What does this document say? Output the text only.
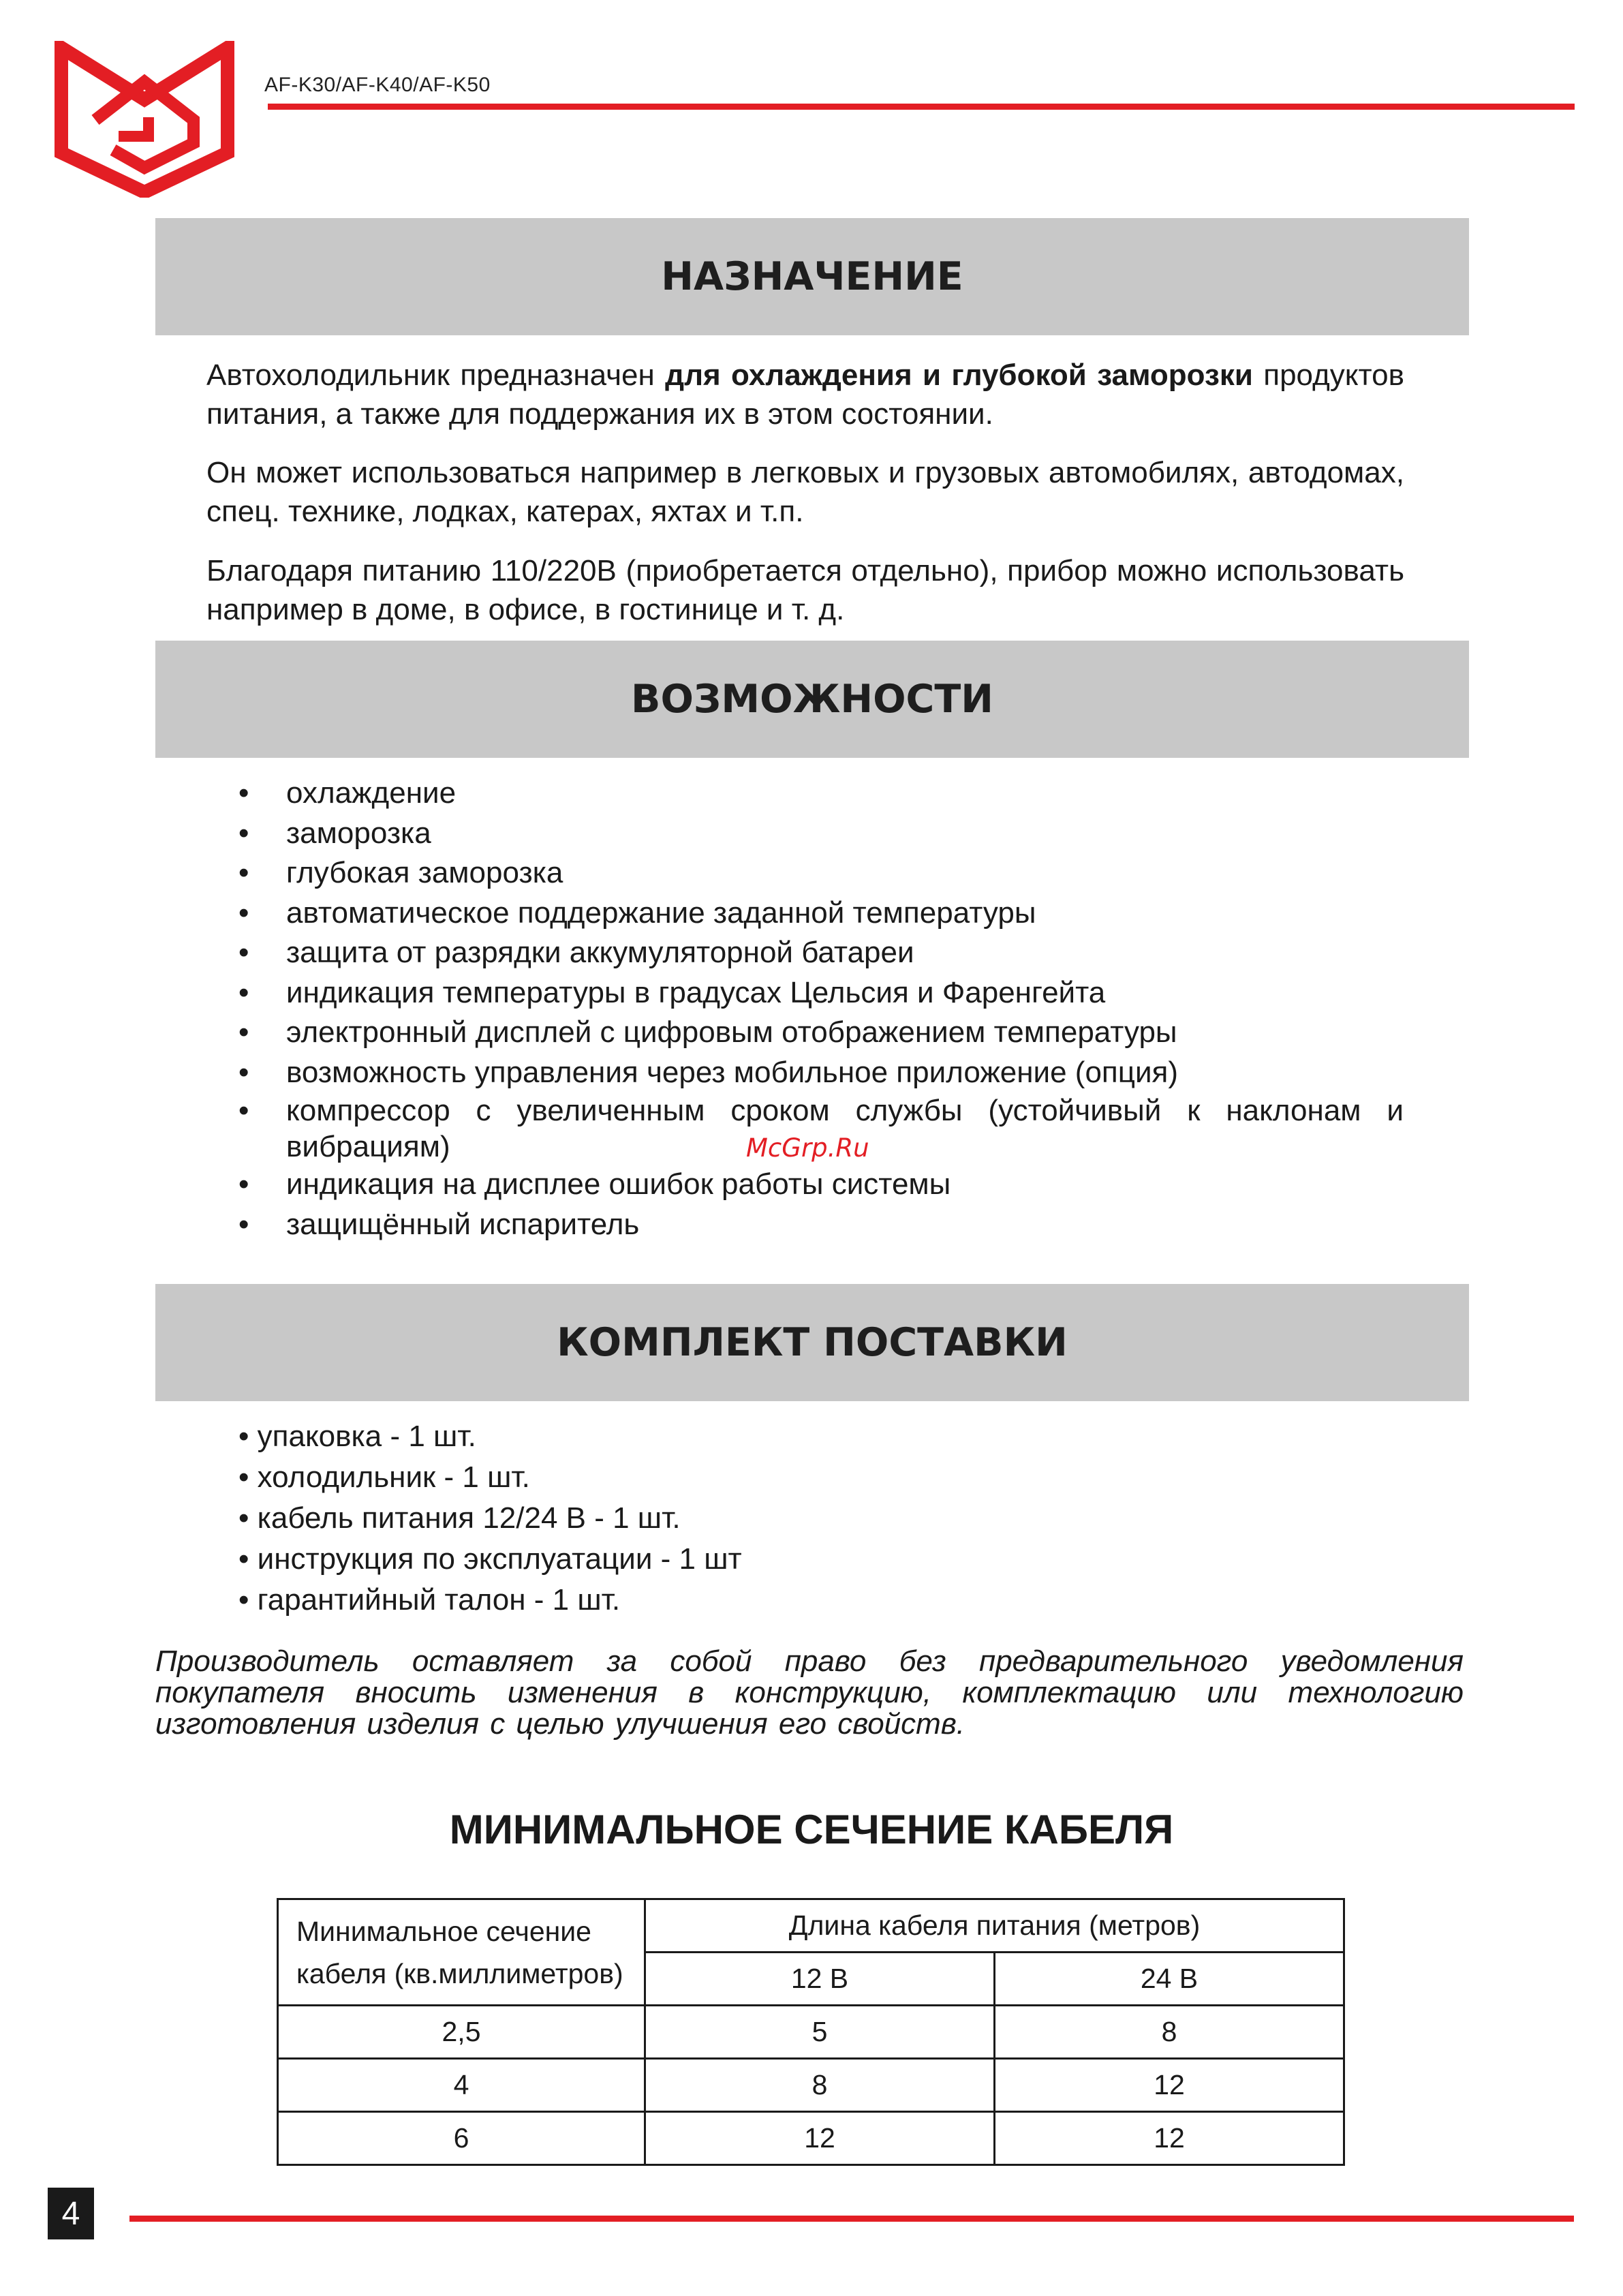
AF-K30/AF-K40/AF-K50
НАЗНАЧЕНИЕ
Автохолодильник предназначен для охлаждения и глубокой заморозки продуктов питания, а также для поддержания их в этом состоянии.
Он может использоваться например в легковых и грузовых автомобилях, автодомах, спец. технике, лодках, катерах, яхтах и т.п.
Благодаря питанию 110/220В (приобретается отдельно), прибор можно использовать например в доме, в офисе, в гостинице и т. д.
ВОЗМОЖНОСТИ
• охлаждение
• заморозка
• глубокая заморозка
• автоматическое поддержание заданной температуры
• защита от разрядки аккумуляторной батареи
• индикация температуры в градусах Цельсия и Фаренгейта
• электронный дисплей с цифровым отображением температуры
• возможность управления через мобильное приложение (опция)
• компрессор с увеличенным сроком службы (устойчивый к наклонам и вибрациям)
• индикация на дисплее ошибок работы системы
• защищённый испаритель
McGrp.Ru
КОМПЛЕКТ ПОСТАВКИ
• упаковка - 1 шт.
• холодильник - 1 шт.
• кабель питания 12/24 В - 1 шт.
• инструкция по эксплуатации - 1 шт
• гарантийный талон - 1 шт.
Производитель оставляет за собой право без предварительного уведомления покупателя вносить изменения в конструкцию, комплектацию или технологию изготовления изделия с целью улучшения его свойств.
МИНИМАЛЬНОЕ СЕЧЕНИЕ КАБЕЛЯ
Минимальное сечение
кабеля (кв.миллиметров)	Длина кабеля питания (метров)	
	12 В	24 В
2,5	5	8
4	8	12
6	12	12
4
